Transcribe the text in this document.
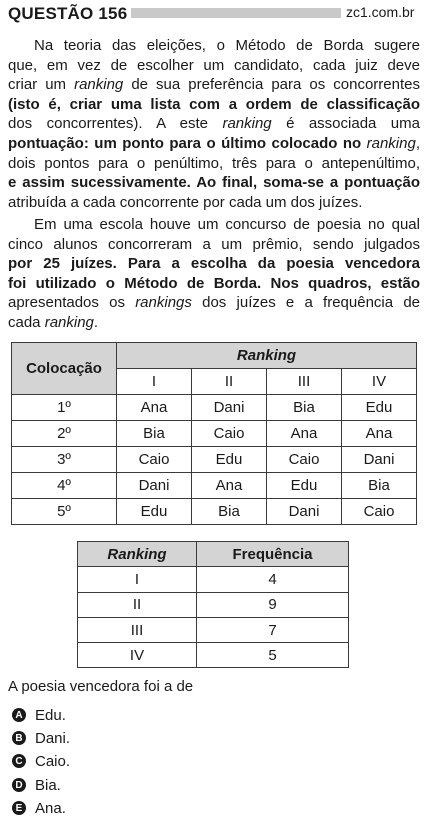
QUESTÃO 156	zc1.com.br
Na teoria das eleições, o Método de Borda sugere
que, em vez de escolher um candidato, cada juiz deve
criar um ranking de sua preferência para os concorrentes
(isto é, criar uma lista com a ordem de classificação
dos concorrentes). A este ranking é associada uma
pontuação: um ponto para o último colocado no ranking,
dois pontos para o penúltimo, três para o antepenúltimo,
e assim sucessivamente. Ao final, soma-se a pontuação
atribuída a cada concorrente por cada um dos juízes.
Em uma escola houve um concurso de poesia no qual
cinco alunos concorreram a um prêmio, sendo julgados
por 25 juízes. Para a escolha da poesia vencedora
foi utilizado o Método de Borda. Nos quadros, estão
apresentados os rankings dos juízes e a frequência de
cada ranking.
Colocação	Ranking			
	I	II	III	IV
1º	Ana	Dani	Bia	Edu
2º	Bia	Caio	Ana	Ana
3º	Caio	Edu	Caio	Dani
4º	Dani	Ana	Edu	Bia
5º	Edu	Bia	Dani	Caio
Ranking	Frequência
I	4
II	9
III	7
IV	5
A poesia vencedora foi a de
A Edu.
B Dani.
C Caio.
D Bia.
E Ana.
